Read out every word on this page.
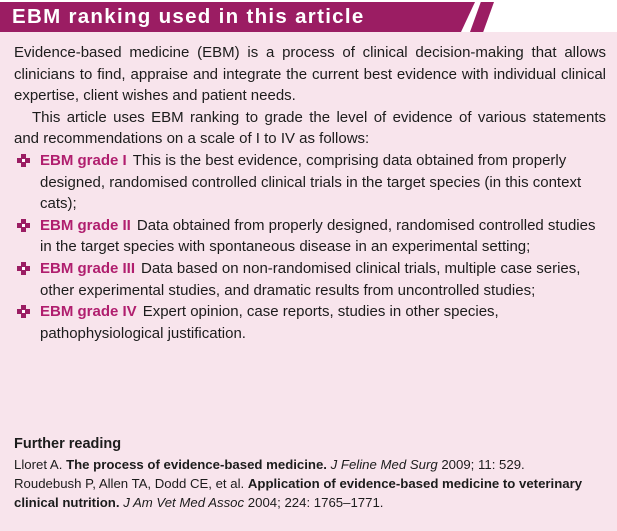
EBM ranking used in this article

Evidence-based medicine (EBM) is a process of clinical decision-making that allows clinicians to find, appraise and integrate the current best evidence with individual clinical expertise, client wishes and patient needs.

This article uses EBM ranking to grade the level of evidence of various statements and recommendations on a scale of I to IV as follows:

EBM grade I This is the best evidence, comprising data obtained from properly designed, randomised controlled clinical trials in the target species (in this context cats);
EBM grade II Data obtained from properly designed, randomised controlled studies in the target species with spontaneous disease in an experimental setting;
EBM grade III Data based on non-randomised clinical trials, multiple case series, other experimental studies, and dramatic results from uncontrolled studies;
EBM grade IV Expert opinion, case reports, studies in other species, pathophysiological justification.

Further reading

Lloret A. The process of evidence-based medicine. J Feline Med Surg 2009; 11: 529.

Roudebush P, Allen TA, Dodd CE, et al. Application of evidence-based medicine to veterinary clinical nutrition. J Am Vet Med Assoc 2004; 224: 1765–1771.
